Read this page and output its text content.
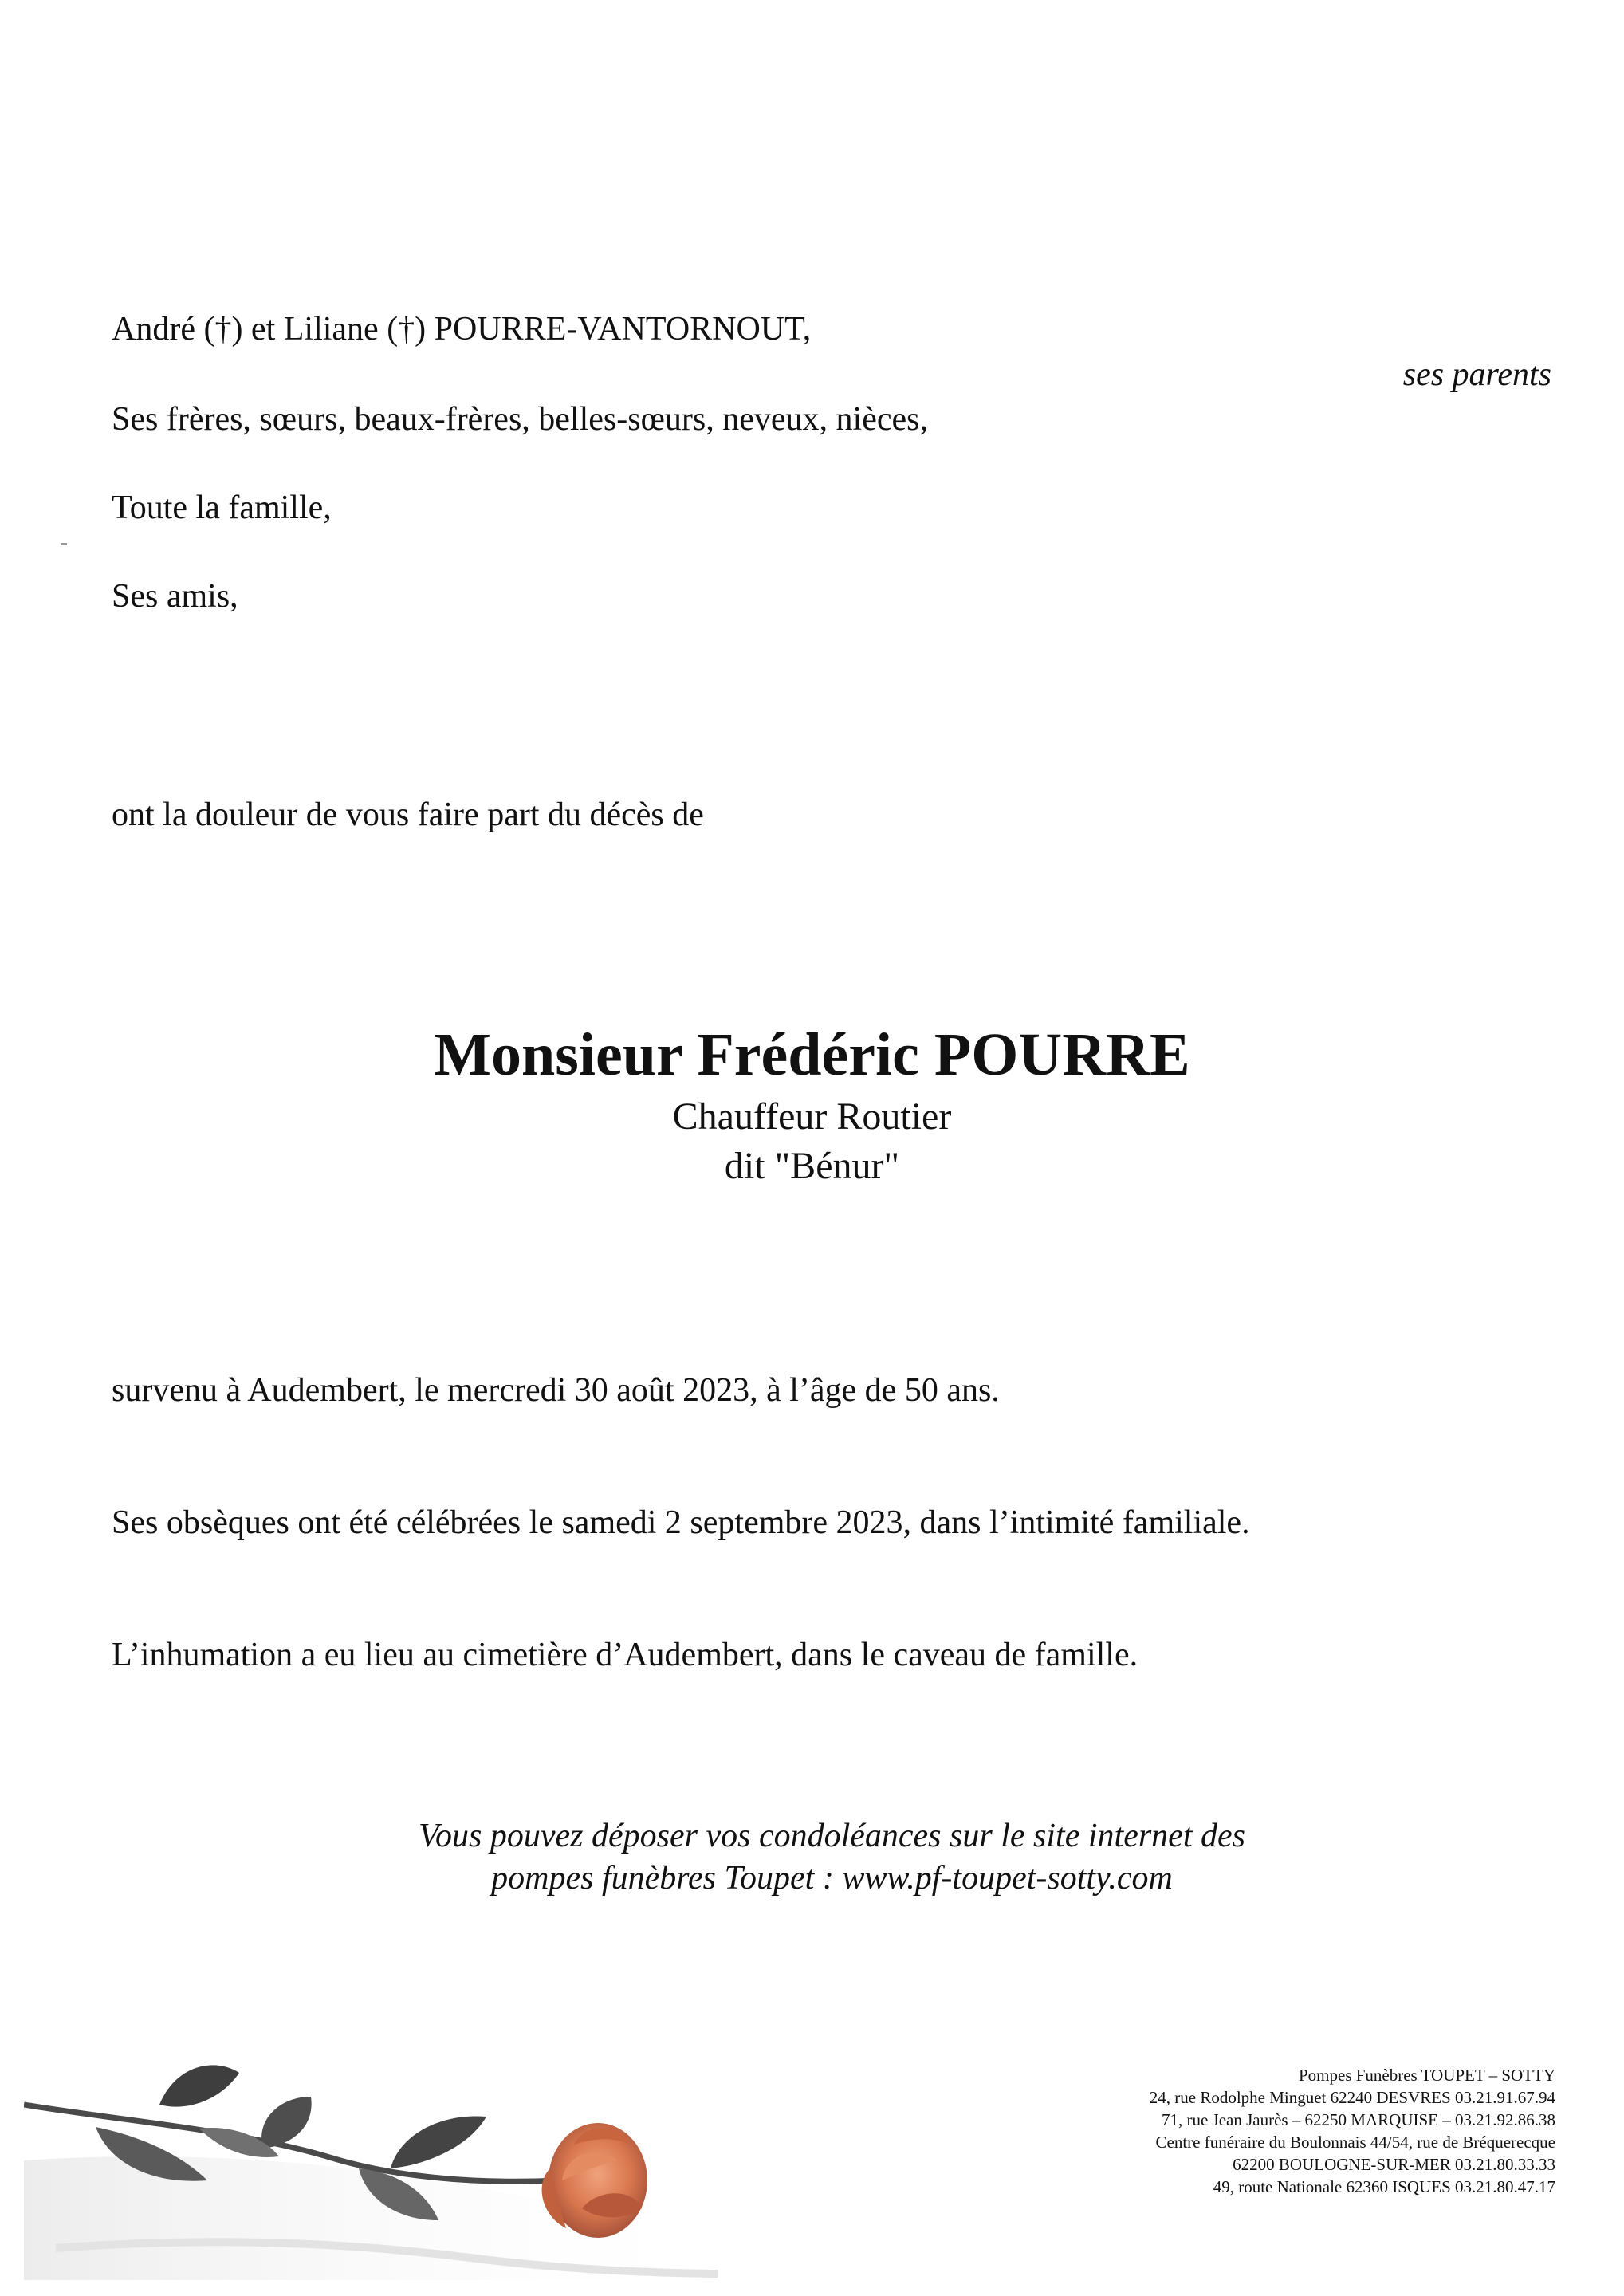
André (†) et Liliane (†) POURRE-VANTORNOUT,
ses parents
Ses frères, sœurs, beaux-frères, belles-sœurs, neveux, nièces,
Toute la famille,
Ses amis,
ont la douleur de vous faire part du décès de
Monsieur Frédéric POURRE
Chauffeur Routier
dit "Bénur"
survenu à Audembert, le mercredi 30 août 2023, à l’âge de 50 ans.
Ses obsèques ont été célébrées le samedi 2 septembre 2023, dans l’intimité familiale.
L’inhumation a eu lieu au cimetière d’Audembert, dans le caveau de famille.
Vous pouvez déposer vos condoléances sur le site internet des
pompes funèbres Toupet : www.pf-toupet-sotty.com
Pompes Funèbres TOUPET – SOTTY
24, rue Rodolphe Minguet 62240 DESVRES 03.21.91.67.94
71, rue Jean Jaurès – 62250 MARQUISE – 03.21.92.86.38
Centre funéraire du Boulonnais 44/54, rue de Bréquerecque
62200 BOULOGNE-SUR-MER 03.21.80.33.33
49, route Nationale 62360 ISQUES 03.21.80.47.17
